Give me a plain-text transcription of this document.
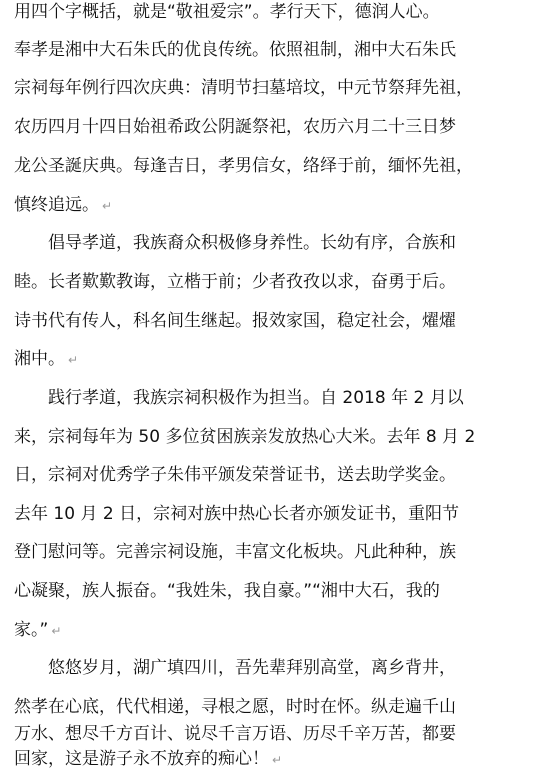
用四个字概括，就是“敬祖爱宗”。孝行天下，德润人心。
奉孝是湘中大石朱氏的优良传统。依照祖制，湘中大石朱氏
宗祠每年例行四次庆典：清明节扫墓培坟，中元节祭拜先祖，
农历四月十四日始祖希政公阴誕祭祀，农历六月二十三日梦
龙公圣誕庆典。每逢吉日，孝男信女，络绎于前，缅怀先祖，
慎终追远。 ↵
倡导孝道，我族裔众积极修身养性。长幼有序，合族和
睦。长者歎歎教诲，立楷于前；少者孜孜以求，奋勇于后。
诗书代有传人，科名间生继起。报效家国，稳定社会，燿燿
湘中。 ↵
践行孝道，我族宗祠积极作为担当。自 2018 年 2 月以
来，宗祠每年为 50 多位贫困族亲发放热心大米。去年 8 月 2
日，宗祠对优秀学子朱伟平颁发荣誉证书，送去助学奖金。
去年 10 月 2 日，宗祠对族中热心长者亦颁发证书，重阳节
登门慰问等。完善宗祠设施，丰富文化板块。凡此种种，族
心凝聚，族人振奋。“我姓朱，我自豪。”“湘中大石，我的
家。” ↵
悠悠岁月，湖广填四川，吾先辈拜别高堂，离乡背井，
然孝在心底，代代相递，寻根之愿，时时在怀。纵走遍千山
万水、想尽千方百计、说尽千言万语、历尽千辛万苦，都要
回家，这是游子永不放弃的痴心！ ↵
